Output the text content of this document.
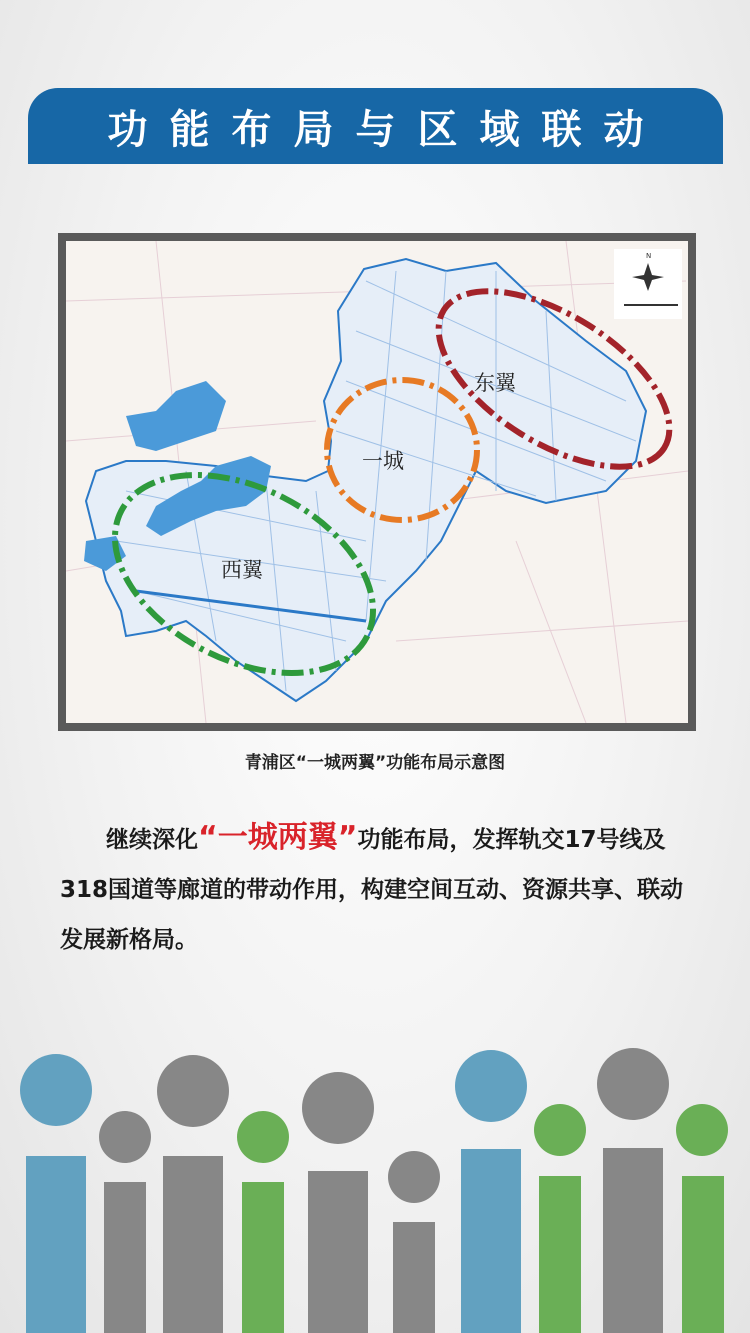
功能布局与区域联动
N
东翼
一城
西翼
青浦区“一城两翼”功能布局示意图
继续深化“一城两翼”功能布局，发挥轨交17号线及318国道等廊道的带动作用，构建空间互动、资源共享、联动发展新格局。
